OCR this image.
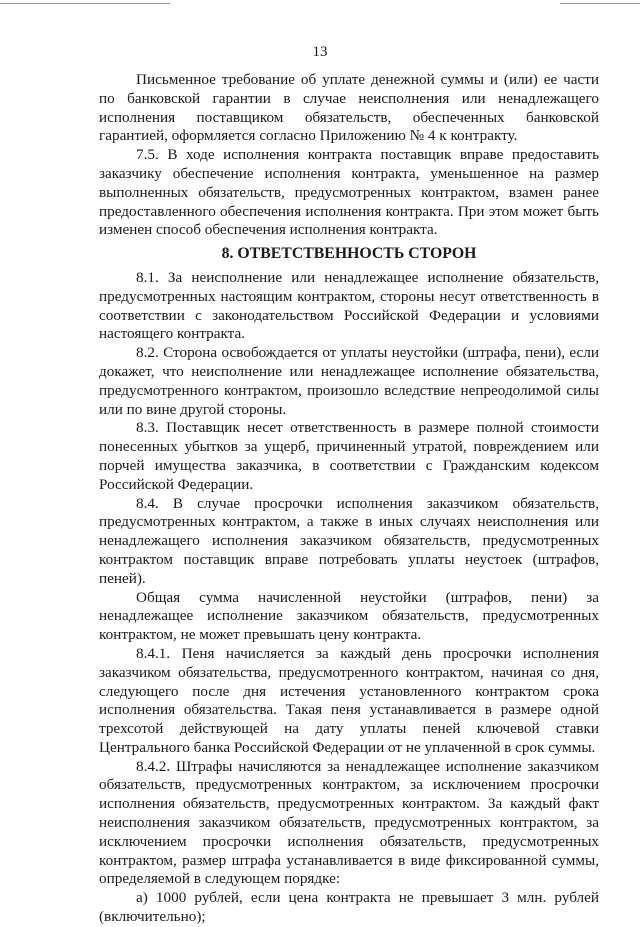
13

Письменное требование об уплате денежной суммы и (или) ее части по банковской гарантии в случае неисполнения или ненадлежащего исполнения поставщиком обязательств, обеспеченных банковской гарантией, оформляется согласно Приложению № 4 к контракту.

7.5. В ходе исполнения контракта поставщик вправе предоставить заказчику обеспечение исполнения контракта, уменьшенное на размер выполненных обязательств, предусмотренных контрактом, взамен ранее предоставленного обеспечения исполнения контракта. При этом может быть изменен способ обеспечения исполнения контракта.

8. ОТВЕТСТВЕННОСТЬ СТОРОН

8.1. За неисполнение или ненадлежащее исполнение обязательств, предусмотренных настоящим контрактом, стороны несут ответственность в соответствии с законодательством Российской Федерации и условиями настоящего контракта.

8.2. Сторона освобождается от уплаты неустойки (штрафа, пени), если докажет, что неисполнение или ненадлежащее исполнение обязательства, предусмотренного контрактом, произошло вследствие непреодолимой силы или по вине другой стороны.

8.3. Поставщик несет ответственность в размере полной стоимости понесенных убытков за ущерб, причиненный утратой, повреждением или порчей имущества заказчика, в соответствии с Гражданским кодексом Российской Федерации.

8.4. В случае просрочки исполнения заказчиком обязательств, предусмотренных контрактом, а также в иных случаях неисполнения или ненадлежащего исполнения заказчиком обязательств, предусмотренных контрактом поставщик вправе потребовать уплаты неустоек (штрафов, пеней).

Общая сумма начисленной неустойки (штрафов, пени) за ненадлежащее исполнение заказчиком обязательств, предусмотренных контрактом, не может превышать цену контракта.

8.4.1. Пеня начисляется за каждый день просрочки исполнения заказчиком обязательства, предусмотренного контрактом, начиная со дня, следующего после дня истечения установленного контрактом срока исполнения обязательства. Такая пеня устанавливается в размере одной трехсотой действующей на дату уплаты пеней ключевой ставки Центрального банка Российской Федерации от не уплаченной в срок суммы.

8.4.2. Штрафы начисляются за ненадлежащее исполнение заказчиком обязательств, предусмотренных контрактом, за исключением просрочки исполнения обязательств, предусмотренных контрактом. За каждый факт неисполнения заказчиком обязательств, предусмотренных контрактом, за исключением просрочки исполнения обязательств, предусмотренных контрактом, размер штрафа устанавливается в виде фиксированной суммы, определяемой в следующем порядке:

а) 1000 рублей, если цена контракта не превышает 3 млн. рублей (включительно);
